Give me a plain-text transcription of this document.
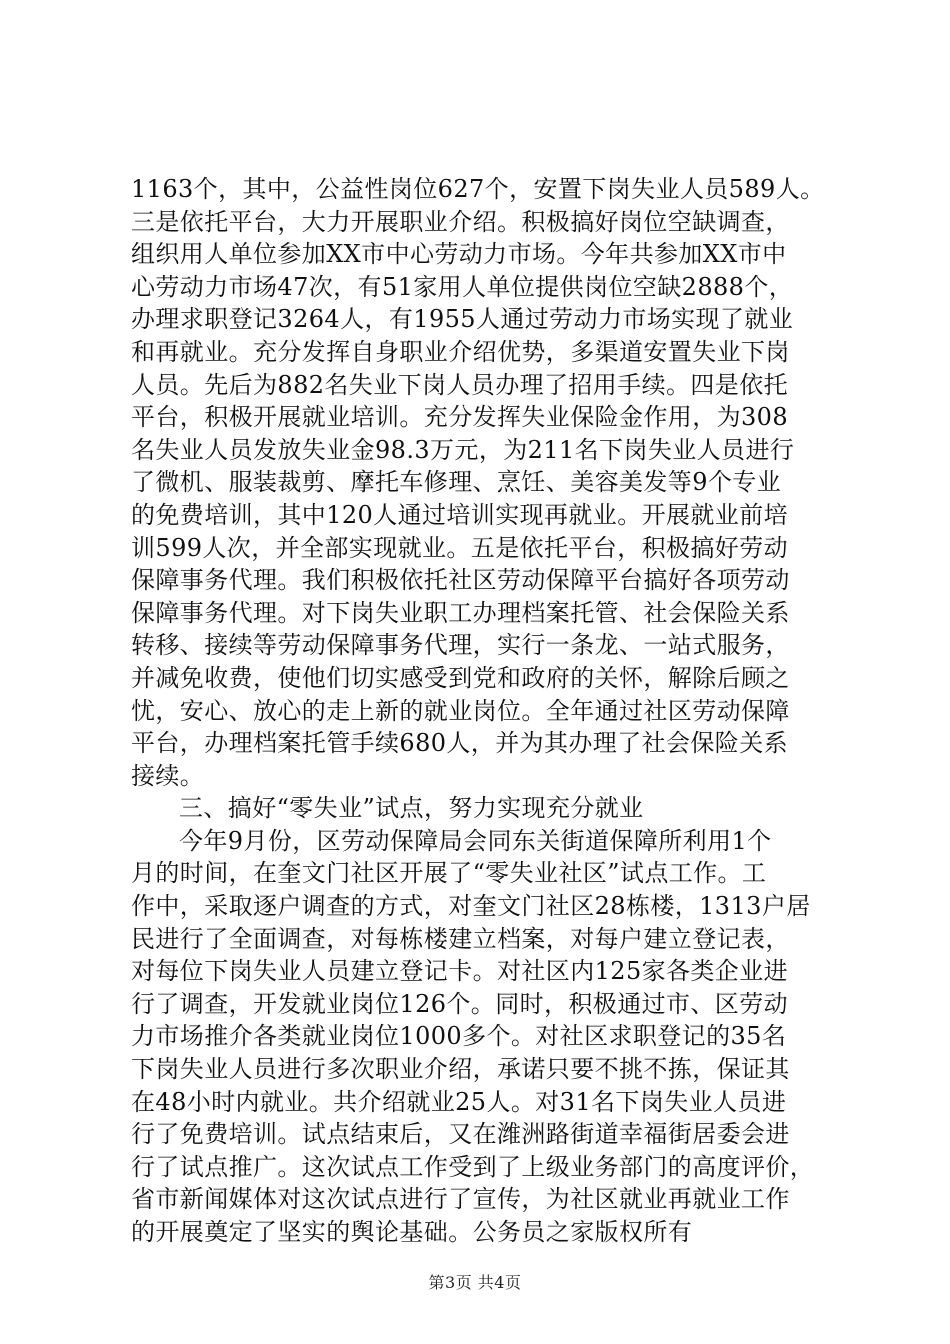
1163个，其中，公益性岗位627个，安置下岗失业人员589人。
三是依托平台，大力开展职业介绍。积极搞好岗位空缺调查，
组织用人单位参加XX市中心劳动力市场。今年共参加XX市中
心劳动力市场47次，有51家用人单位提供岗位空缺2888个，
办理求职登记3264人，有1955人通过劳动力市场实现了就业
和再就业。充分发挥自身职业介绍优势，多渠道安置失业下岗
人员。先后为882名失业下岗人员办理了招用手续。四是依托
平台，积极开展就业培训。充分发挥失业保险金作用，为308
名失业人员发放失业金98.3万元，为211名下岗失业人员进行
了微机、服装裁剪、摩托车修理、烹饪、美容美发等9个专业
的免费培训，其中120人通过培训实现再就业。开展就业前培
训599人次，并全部实现就业。五是依托平台，积极搞好劳动
保障事务代理。我们积极依托社区劳动保障平台搞好各项劳动
保障事务代理。对下岗失业职工办理档案托管、社会保险关系
转移、接续等劳动保障事务代理，实行一条龙、一站式服务，
并减免收费，使他们切实感受到党和政府的关怀，解除后顾之
忧，安心、放心的走上新的就业岗位。全年通过社区劳动保障
平台，办理档案托管手续680人，并为其办理了社会保险关系
接续。
三、搞好“零失业”试点，努力实现充分就业
今年9月份，区劳动保障局会同东关街道保障所利用1个
月的时间，在奎文门社区开展了“零失业社区”试点工作。工
作中，采取逐户调查的方式，对奎文门社区28栋楼，1313户居
民进行了全面调查，对每栋楼建立档案，对每户建立登记表，
对每位下岗失业人员建立登记卡。对社区内125家各类企业进
行了调查，开发就业岗位126个。同时，积极通过市、区劳动
力市场推介各类就业岗位1000多个。对社区求职登记的35名
下岗失业人员进行多次职业介绍，承诺只要不挑不拣，保证其
在48小时内就业。共介绍就业25人。对31名下岗失业人员进
行了免费培训。试点结束后，又在潍洲路街道幸福街居委会进
行了试点推广。这次试点工作受到了上级业务部门的高度评价，
省市新闻媒体对这次试点进行了宣传，为社区就业再就业工作
的开展奠定了坚实的舆论基础。公务员之家版权所有
第3页 共4页
